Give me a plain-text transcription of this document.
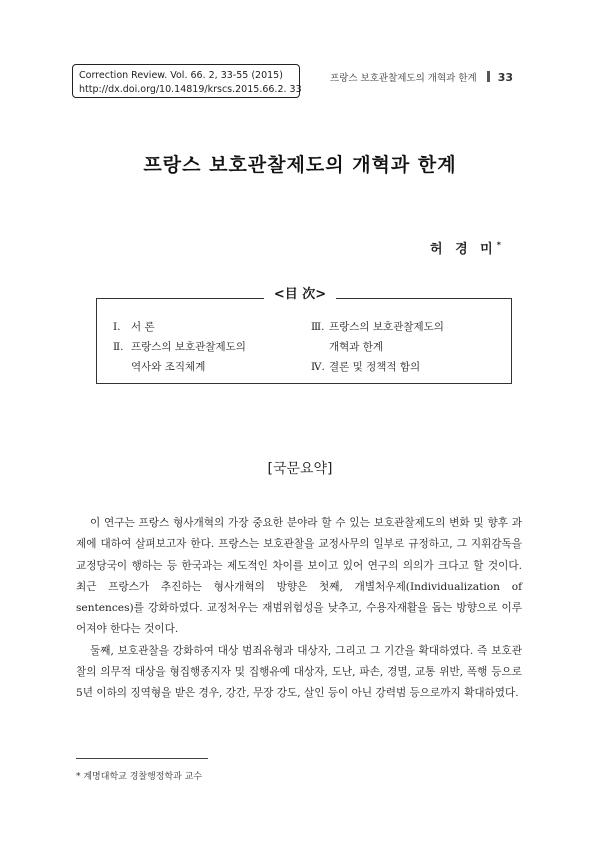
Correction Review. Vol. 66. 2, 33-55 (2015)
http://dx.doi.org/10.14819/krscs.2015.66.2. 33
프랑스 보호관찰제도의 개혁과 한계 33
프랑스 보호관찰제도의 개혁과 한계
허 경 미*
Ⅰ. 서 론
Ⅱ. 프랑스의 보호관찰제도의
역사와 조직체계
Ⅲ. 프랑스의 보호관찰제도의
개혁과 한계
Ⅳ. 결론 및 정책적 함의
<目 次>
[국문요약]

이 연구는 프랑스 형사개혁의 가장 중요한 분야라 할 수 있는 보호관찰제도의 변화 및 향후 과제에 대하여 살펴보고자 한다. 프랑스는 보호관찰을 교정사무의 일부로 규정하고, 그 지휘감독을 교정당국이 행하는 등 한국과는 제도적인 차이를 보이고 있어 연구의 의의가 크다고 할 것이다. 최근 프랑스가 추진하는 형사개혁의 방향은 첫째, 개별처우제(Individualization of sentences)를 강화하였다. 교정처우는 재범위험성을 낮추고, 수용자재활을 돕는 방향으로 이루어져야 한다는 것이다.

둘째, 보호관찰을 강화하여 대상 범죄유형과 대상자, 그리고 그 기간을 확대하였다. 즉 보호관찰의 의무적 대상을 형집행종지자 및 집행유예 대상자, 도난, 파손, 경멸, 교통 위반, 폭행 등으로 5년 이하의 징역형을 받은 경우, 강간, 무장 강도, 살인 등이 아닌 강력범 등으로까지 확대하였다.

* 계명대학교 경찰행정학과 교수
